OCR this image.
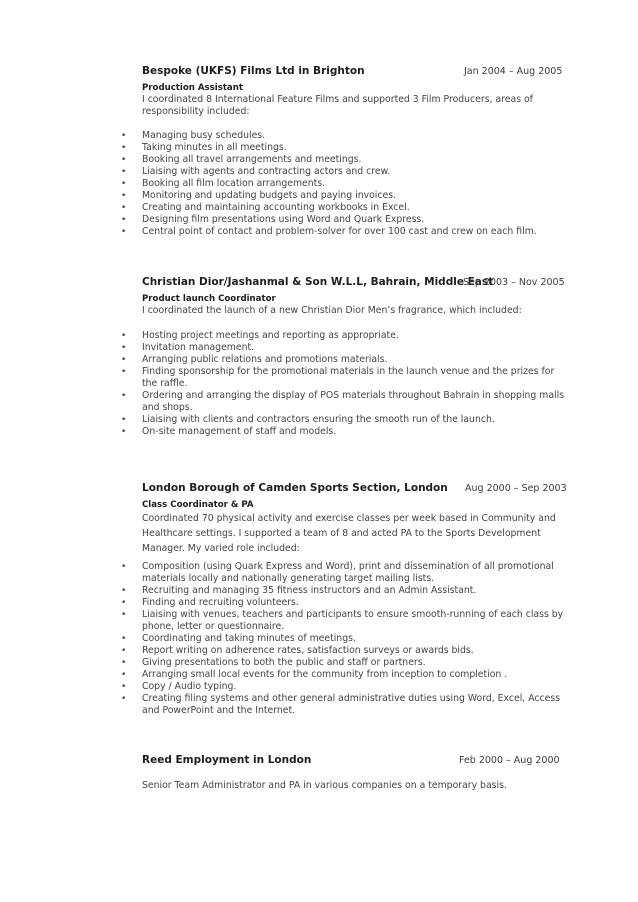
Bespoke (UKFS) Films Ltd in Brighton	Jan 2004 – Aug 2005
Production Assistant
I coordinated 8 International Feature Films and supported 3 Film Producers, areas of responsibility included:
• Managing busy schedules.
• Taking minutes in all meetings.
• Booking all travel arrangements and meetings.
• Liaising with agents and contracting actors and crew.
• Booking all film location arrangements.
• Monitoring and updating budgets and paying invoices.
• Creating and maintaining accounting workbooks in Excel.
• Designing film presentations using Word and Quark Express.
• Central point of contact and problem-solver for over 100 cast and crew on each film.
Christian Dior/Jashanmal & Son W.L.L, Bahrain, Middle East
Sep 2003 – Nov 2005
Product launch Coordinator
I coordinated the launch of a new Christian Dior Men’s fragrance, which included:
• Hosting project meetings and reporting as appropriate.
• Invitation management.
• Arranging public relations and promotions materials.
• Finding sponsorship for the promotional materials in the launch venue and the prizes for the raffle.
• Ordering and arranging the display of POS materials throughout Bahrain in shopping malls and shops.
• Liaising with clients and contractors ensuring the smooth run of the launch.
• On-site management of staff and models.
London Borough of Camden Sports Section, London Aug 2000 – Sep 2003
Class Coordinator & PA
Coordinated 70 physical activity and exercise classes per week based in Community and Healthcare settings. I supported a team of 8 and acted PA to the Sports Development Manager. My varied role included:
• Composition (using Quark Express and Word), print and dissemination of all promotional materials locally and nationally generating target mailing lists.
• Recruiting and managing 35 fitness instructors and an Admin Assistant.
• Finding and recruiting volunteers.
• Liaising with venues, teachers and participants to ensure smooth-running of each class by phone, letter or questionnaire.
• Coordinating and taking minutes of meetings.
• Report writing on adherence rates, satisfaction surveys or awards bids.
• Giving presentations to both the public and staff or partners.
• Arranging small local events for the community from inception to completion .
• Copy / Audio typing.
• Creating filing systems and other general administrative duties using Word, Excel, Access and PowerPoint and the Internet.
Reed Employment in London	Feb 2000 – Aug 2000
Senior Team Administrator and PA in various companies on a temporary basis.
